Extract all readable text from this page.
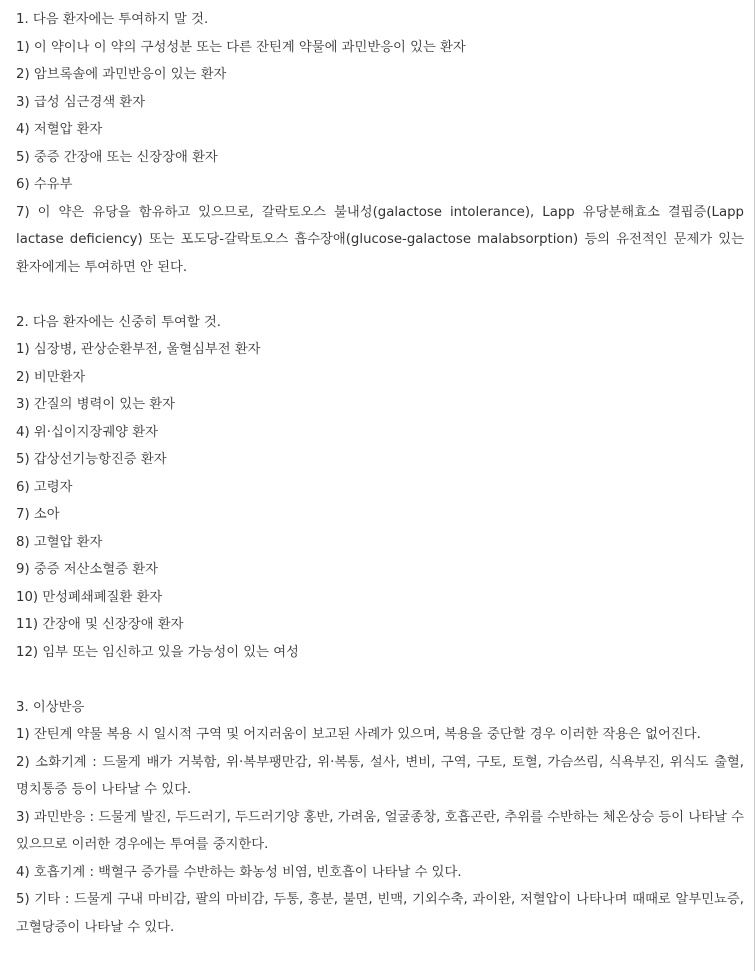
1. 다음 환자에는 투여하지 말 것.

1) 이 약이나 이 약의 구성성분 또는 다른 잔틴계 약물에 과민반응이 있는 환자

2) 암브록솔에 과민반응이 있는 환자

3) 급성 심근경색 환자

4) 저혈압 환자

5) 중증 간장애 또는 신장장애 환자

6) 수유부

7) 이 약은 유당을 함유하고 있으므로, 갈락토오스 불내성(galactose intolerance), Lapp 유당분해효소 결핍증(Lapp lactase deficiency) 또는 포도당-갈락토오스 흡수장애(glucose-galactose malabsorption) 등의 유전적인 문제가 있는 환자에게는 투여하면 안 된다.

2. 다음 환자에는 신중히 투여할 것.

1) 심장병, 관상순환부전, 울혈심부전 환자

2) 비만환자

3) 간질의 병력이 있는 환자

4) 위·십이지장궤양 환자

5) 갑상선기능항진증 환자

6) 고령자

7) 소아

8) 고혈압 환자

9) 중증 저산소혈증 환자

10) 만성폐쇄폐질환 환자

11) 간장애 및 신장장애 환자

12) 임부 또는 임신하고 있을 가능성이 있는 여성

3. 이상반응

1) 잔틴계 약물 복용 시 일시적 구역 및 어지러움이 보고된 사례가 있으며, 복용을 중단할 경우 이러한 작용은 없어진다.

2) 소화기계 : 드물게 배가 거북함, 위·복부팽만감, 위·복통, 설사, 변비, 구역, 구토, 토혈, 가슴쓰림, 식욕부진, 위식도 출혈, 명치통증 등이 나타날 수 있다.

3) 과민반응 : 드물게 발진, 두드러기, 두드러기양 홍반, 가려움, 얼굴종창, 호흡곤란, 추위를 수반하는 체온상승 등이 나타날 수 있으므로 이러한 경우에는 투여를 중지한다.

4) 호흡기계 : 백혈구 증가를 수반하는 화농성 비염, 빈호흡이 나타날 수 있다.

5) 기타 : 드물게 구내 마비감, 팔의 마비감, 두통, 흥분, 불면, 빈맥, 기외수축, 과이완, 저혈압이 나타나며 때때로 알부민뇨증, 고혈당증이 나타날 수 있다.
